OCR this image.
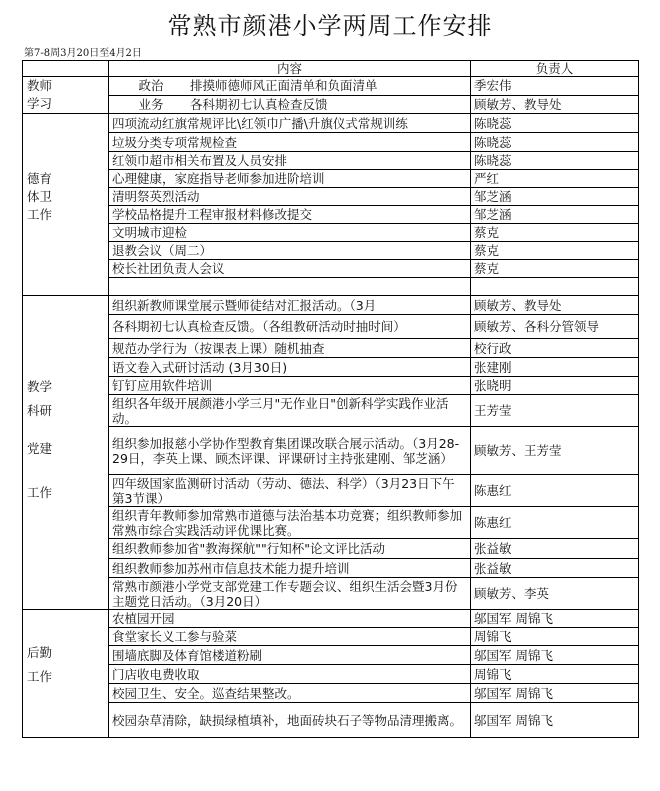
常熟市颜港小学两周工作安排
第7-8周3月20日至4月2日
	内容	负责人

教师
学习	政治 排摸师德师风正面清单和负面清单	季宏伟
	业务 各科期初七认真检查反馈	顾敏芳、教导处

德育
体卫
工作	四项流动红旗常规评比\红领巾广播\升旗仪式常规训练	陈晓蕊
	垃圾分类专项常规检查	陈晓蕊
	红领巾超市相关布置及人员安排	陈晓蕊
	心理健康，家庭指导老师参加进阶培训	严红
	清明祭英烈活动	邹芝涵
	学校品格提升工程审报材料修改提交	邹芝涵
	文明城市迎检	蔡克
	退教会议（周二）	蔡克
	校长社团负责人会议	蔡克

教学
科研
党建
工作	组织新教师课堂展示暨师徒结对汇报活动。（3月	顾敏芳、教导处
	各科期初七认真检查反馈。（各组教研活动时抽时间）	顾敏芳、各科分管领导
	规范办学行为（按课表上课）随机抽查	校行政
	语文卷入式研讨活动 (3月30日)	张建刚
	钉钉应用软件培训	张晓明
	组织各年级开展颜港小学三月"无作业日"创新科学实践作业活动。	王芳莹
	组织参加报慈小学协作型教育集团课改联合展示活动。（3月28-29日，李英上课、顾杰评课、评课研讨主持张建刚、邹芝涵）	顾敏芳、王芳莹
	四年级国家监测研讨活动（劳动、德法、科学）（3月23日下午第3节课）	陈惠红
	组织青年教师参加常熟市道德与法治基本功竞赛；组织教师参加常熟市综合实践活动评优课比赛。	陈惠红
	组织教师参加省"教海探航""行知杯"论文评比活动	张益敏
	组织教师参加苏州市信息技术能力提升培训	张益敏
	常熟市颜港小学党支部党建工作专题会议、组织生活会暨3月份主题党日活动。（3月20日）	顾敏芳、李英

后勤
工作	农植园开园	邬国军 周锦飞
	食堂家长义工参与验菜	周锦飞
	围墙底脚及体育馆楼道粉刷	邬国军 周锦飞
	门店收电费收取	周锦飞
	校园卫生、安全。巡查结果整改。	邬国军 周锦飞
	校园杂草清除，缺损绿植填补，地面砖块石子等物品清理搬离。	邬国军 周锦飞
